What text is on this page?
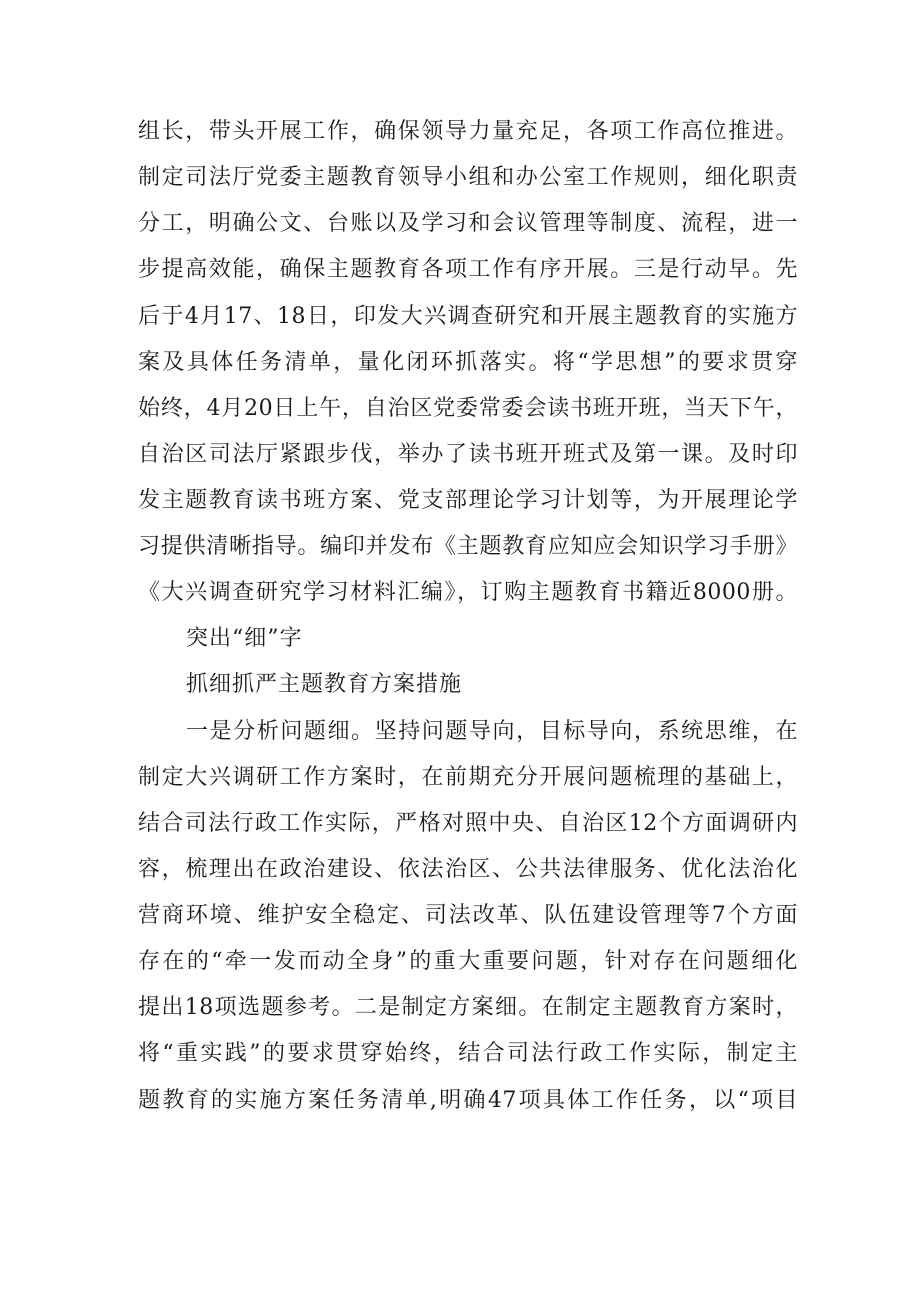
组长，带头开展工作，确保领导力量充足，各项工作高位推进。
制定司法厅党委主题教育领导小组和办公室工作规则，细化职责
分工，明确公文、台账以及学习和会议管理等制度、流程，进一
步提高效能，确保主题教育各项工作有序开展。三是行动早。先
后于4月17、18日，印发大兴调查研究和开展主题教育的实施方
案及具体任务清单，量化闭环抓落实。将“学思想”的要求贯穿
始终，4月20日上午，自治区党委常委会读书班开班，当天下午，
自治区司法厅紧跟步伐，举办了读书班开班式及第一课。及时印
发主题教育读书班方案、党支部理论学习计划等，为开展理论学
习提供清晰指导。编印并发布《主题教育应知应会知识学习手册》
《大兴调查研究学习材料汇编》，订购主题教育书籍近8000册。
突出“细”字
抓细抓严主题教育方案措施
一是分析问题细。坚持问题导向，目标导向，系统思维，在
制定大兴调研工作方案时，在前期充分开展问题梳理的基础上，
结合司法行政工作实际，严格对照中央、自治区12个方面调研内
容，梳理出在政治建设、依法治区、公共法律服务、优化法治化
营商环境、维护安全稳定、司法改革、队伍建设管理等7个方面
存在的“牵一发而动全身”的重大重要问题，针对存在问题细化
提出18项选题参考。二是制定方案细。在制定主题教育方案时，
将“重实践”的要求贯穿始终，结合司法行政工作实际，制定主
题教育的实施方案任务清单,明确47项具体工作任务，以“项目
